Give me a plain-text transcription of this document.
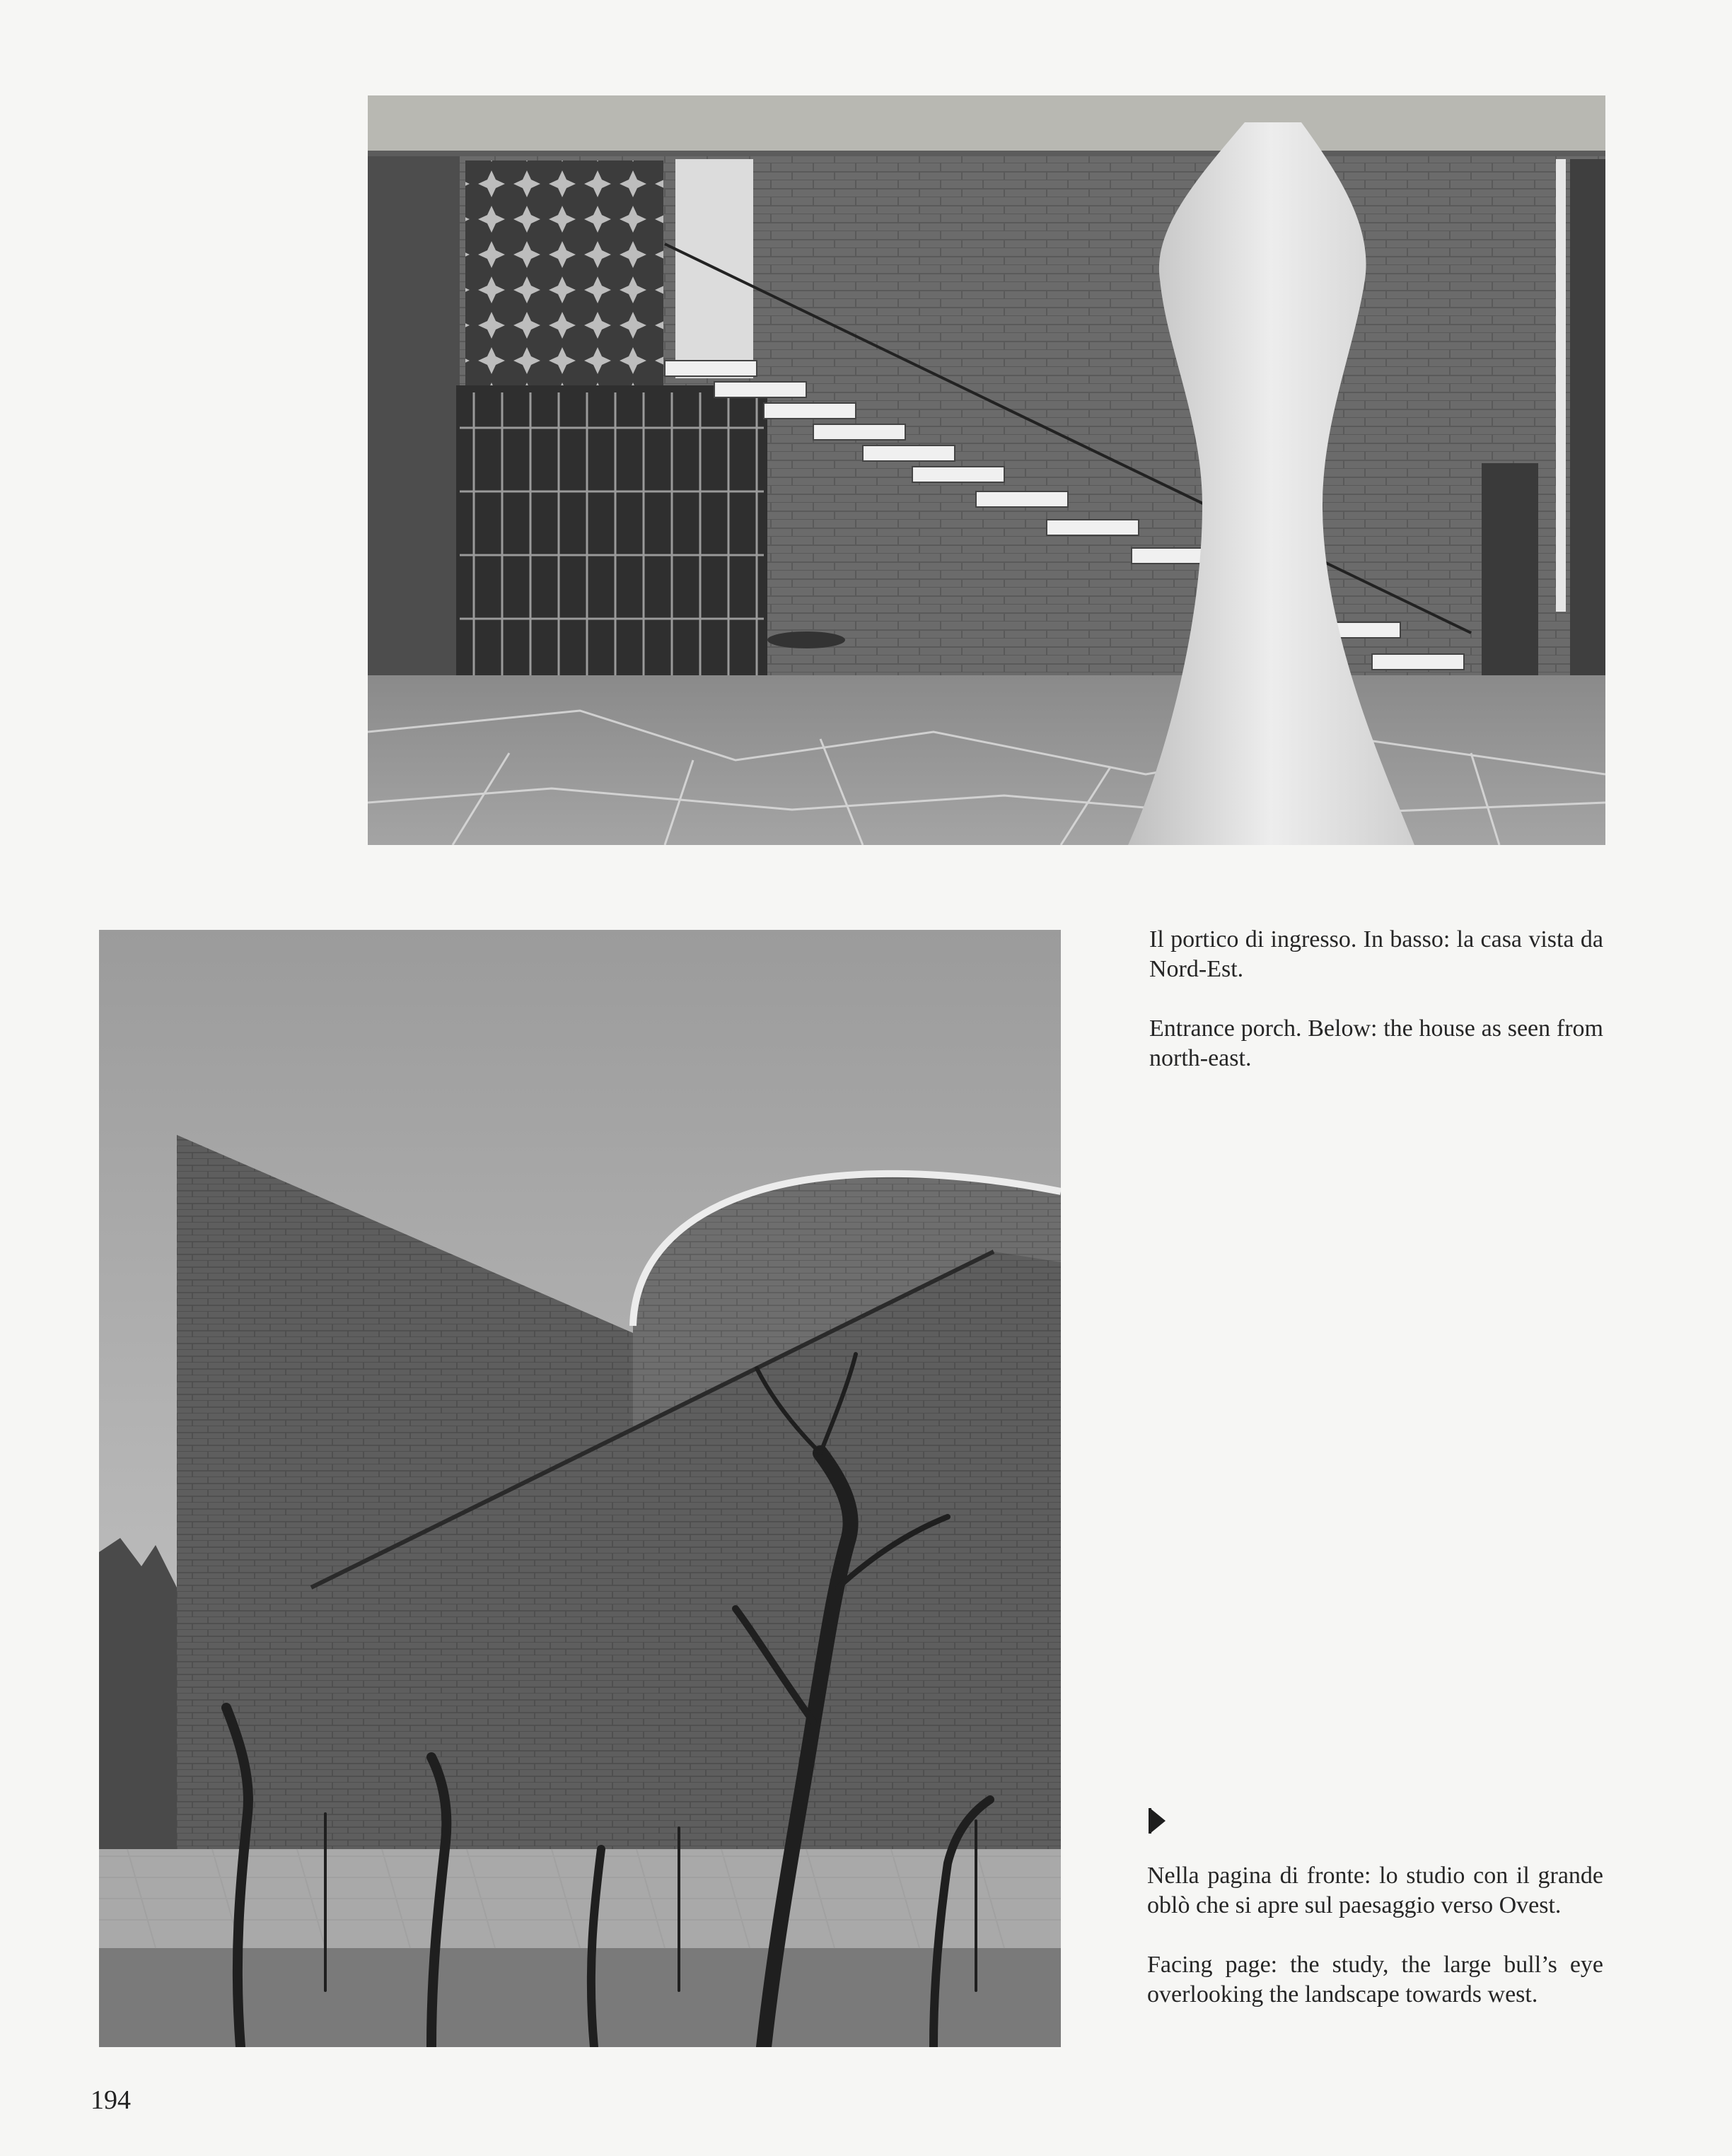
Il portico di ingresso. In basso: la casa vista da Nord-Est.

Entrance porch. Below: the house as seen from north-east.

Nella pagina di fronte: lo studio con il grande oblò che si apre sul paesaggio verso Ovest.

Facing page: the study, the large bull’s eye overlooking the landscape towards west.

194
